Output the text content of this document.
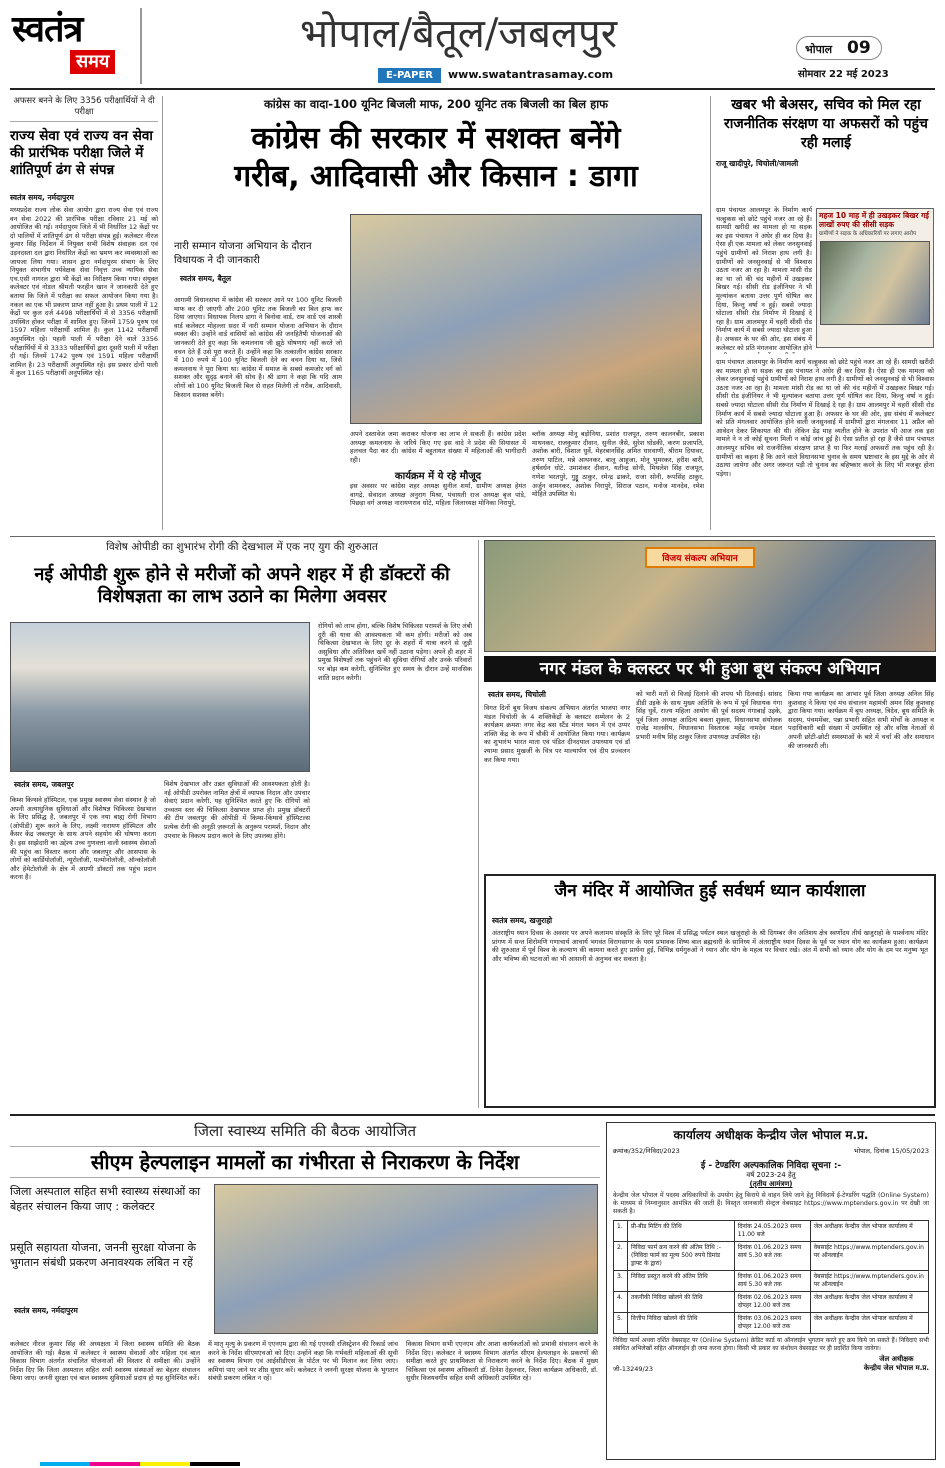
स्वतंत्र
समय
भोपाल/बैतूल/जबलपुर
E-PAPER	www.swatantrasamay.com
भोपाल 09
सोमवार 22 मई 2023
अफसर बनने के लिए 3356 परीक्षार्थियों ने दी परीक्षा
राज्य सेवा एवं राज्य वन सेवा की प्रारंभिक परीक्षा जिले में शांतिपूर्ण ढंग से संपन्न
स्वतंत्र समय, नर्मदापुरम
मध्यप्रदेश राज्य लोक सेवा आयोग द्वारा राज्य सेवा एवं राज्य वन सेवा 2022 की प्रारंभिक परीक्षा रविवार 21 मई को आयोजित की गई। नर्मदापुरम जिले में भी निर्धारित 12 केंद्रों पर दो पालियों में शांतिपूर्ण ढंग से परीक्षा संपन्न हुई। कलेक्टर नीरज कुमार सिंह निर्देशन में नियुक्त सभी विशेष संवाहक दल एवं उड़नदस्ता दल द्वारा निर्धारित केंद्रों का भ्रमण कर व्यवस्थाओं का जायजा लिया गया। शासन द्वारा नर्मदापुरम संभाग के लिए नियुक्त संभागीय पर्यवेक्षक सेवा निवृत्त उच्च न्यायिक सेवा एच.एसी नागरल द्वारा भी केंद्रों का निरीक्षण किया गया। संयुक्त कलेक्टर एवं नोडल श्रीमती फरहीन खान ने जानकारी देते हुए बताया कि जिले में परीक्षा का सफल आयोजन किया गया है। नकल का एक भी प्रकरण प्राप्त नहीं हुआ है। प्रथम पाली में 12 केंद्रों पर कुल दर्ज 4498 परीक्षार्थियों में से 3356 परीक्षार्थी उपस्थित होकर परीक्षा में शामिल हुए। जिनमें 1759 पुरुष एवं 1597 महिला परीक्षार्थी शामिल है। कुल 1142 परीक्षार्थी अनुपस्थित रहे। पहली पाली में परीक्षा देने वाले 3356 परीक्षार्थियों में से 3333 परीक्षार्थियों द्वारा दूसरी पाली में परीक्षा दी गई। जिनमें 1742 पुरुष एवं 1591 महिला परीक्षार्थी शामिल है। 23 परीक्षार्थी अनुपस्थित रहे। इस प्रकार दोनों पाली में कुल 1165 परीक्षार्थी अनुपस्थित रहे।
कांग्रेस का वादा-100 यूनिट बिजली माफ, 200 यूनिट तक बिजली का बिल हाफ
कांग्रेस की सरकार में सशक्त बनेंगे
गरीब, आदिवासी और किसान : डागा
नारी सम्मान योजना अभियान के दौरान विधायक ने दी जानकारी
स्वतंत्र समय, बैतूल
आगामी विधानसभा में कांग्रेस की सरकार आने पर 100 यूनिट बिजली माफ कर दी जाएगी और 200 यूनिट तक बिजली का बिल हाफ कर दिया जाएगा। विधायक निलय डागा ने बिनोवा वार्ड, राम वार्ड एवं शास्त्री वार्ड कलेक्टर मोहल्ला सदर में नारी सम्मान योजना अभियान के दौरान व्यक्त की। उन्होंने वार्ड वासियों को कांग्रेस की जनहितैषी योजनाओं की जानकारी देते हुए कहा कि कमलनाथ जी झूठे घोषणाएं नहीं करते जो वचन देते हैं उसे पूरा करते हैं। उन्होंने कहा कि तत्कालीन कांग्रेस सरकार में 100 रुपये में 100 यूनिट बिजली देने का वचन दिया था, जिसे कमलनाथ ने पूरा किया था। कांग्रेस में समाज के सबसे कमजोर वर्ग को सशक्त और सुदृढ़ बनाने की सोच है। श्री डागा ने कहा कि यदि आम लोगों को 100 यूनिट बिजली बिल से राहत मिलेगी तो गरीब, आदिवासी, किसान सशक्त बनेंगे।
अपने दस्तावेज जमा कराकर योजना का लाभ ले सकती हैं। कांग्रेस प्रदेश अध्यक्ष कमलनाथ के जरिये किए गए इस वादे ने प्रदेश की सियासत में हलचल पैदा कर दी। कांग्रेस में बहुतायत संख्या में महिलाओं की भागीदारी रही।
कार्यक्रम में ये रहे मौजूद
इस अवसर पर कांग्रेस शहर अध्यक्ष सुनील शर्मा, ग्रामीण अध्यक्ष हेमंत वागद्रे, सेवादल अध्यक्ष अनुराग मिश्रा, पंचायती राज अध्यक्ष बृज पांडे, पिछड़ा वर्ग अध्यक्ष नारायणराव धोटे, महिला जिलाध्यक्ष मोनिका निरापुरे,
ब्लॉक अध्यक्ष मोनू बड़ोनिया, प्रशांत राजपूत, तरुण कालनबीर, प्रकाश माथनकर, राजकुमार दीवान, सुनील जैसे, सुरेश घोडकी, करण प्रजापति, अशोक बारी, विशाल धुर्वे, मेहरबानसिंह अमित धारवाणी, श्रीराम दियावर, तरुण पाटिल, मन्ने आथनकर, बालू आहूजा, मोनू भुमरकर, हरीश बारी, हर्षवर्धन धोटे, उमाशंकर दीवान, यतीन्द्र सोनी, मिथलेश सिंह राजपूत, गणेश भरतपुरे, गुड्डू ठाकुर, रमेन्द्र ढाकरे, राजा सोनी, रूपसिंह ठाकुर, अर्जुन वामनकर, अशोक निरापुरे, सिराज पठान, मनोज मानदेव, रमेश मोहिते उपस्थित थे।
खबर भी बेअसर, सचिव को मिल रहा राजनीतिक संरक्षण या अफसरों को पहुंच रही मलाई
राजू खादीपुरे, चिचोली/जामली
ग्राम पंचायत आलमपुर के निर्माण कार्य चल्हुकस को छोटे पहुंचे नजर आ रहे हैं। सामग्री खरीदी का मामला हो या सड़क का इस पंचायत ने अंधेर ही कर दिया है। ऐसा ही एक मामला को लेकर जनसुनवाई पहुंचे ग्रामीणों को निराश हाथ लगी है। ग्रामीणों को जनसुनवाई से भी विश्वास उठता नजर आ रहा है। मामला मांसी रोड का था जो की चंद महीनों में उखड़कर बिखर गई। सीसी रोड इंजीनियर ने भी मूल्यांकन बताया उत्तर पूर्ण घोषित कर दिया, किन्तु वर्षा न हुई। सबसे ज्यादा घोटाला सीसी रोड निर्माण में दिखाई दे रहा है। ग्राम आलमपुर में चहरी सीसी रोड निर्माण कार्य में सबसे ज्यादा घोटाला हुआ है। अफसर के घर की ओर, इस संबंध में कलेक्टर को प्रति मंगलवार आयोजित होने
महज 10 माह में ही उखड़कर बिखर गई लाखों रुपए की सीसी सड़क
ग्रामीणों ने सड़क के अधिकारियों पर लगाए आरोप
ग्राम पंचायत आलमपुर के निर्माण कार्य चल्हुकस को छोटे पहुंचे नजर आ रहे हैं। सामग्री खरीदी का मामला हो या सड़क का इस पंचायत ने अंधेर ही कर दिया है। ऐसा ही एक मामला को लेकर जनसुनवाई पहुंचे ग्रामीणों को निराश हाथ लगी है। ग्रामीणों को जनसुनवाई से भी विश्वास उठता नजर आ रहा है। मामला मांसी रोड का था जो की चंद महीनों में उखड़कर बिखर गई। सीसी रोड इंजीनियर ने भी मूल्यांकन बताया उत्तर पूर्ण घोषित कर दिया, किन्तु वर्षा न हुई। सबसे ज्यादा घोटाला सीसी रोड निर्माण में दिखाई दे रहा है। ग्राम आलमपुर में चहरी सीसी रोड निर्माण कार्य में सबसे ज्यादा घोटाला हुआ है। अफसर के घर की ओर, इस संबंध में कलेक्टर को प्रति मंगलवार आयोजित होने वाली जनसुनवाई में ग्रामीणों द्वारा मंगलवार 11 अप्रैल को आवेदन देकर शिकायत की थी। लेकिन डेढ़ माह व्यतीत होने के उपरांत भी आज तक इस मामले ने न तो कोई सूचना मिली न कोई जांच हुई है। ऐसा प्रतीत हो रहा है जैसे ग्राम पंचायत आलमपुर सचिव को राजनीतिक संरक्षण प्राप्त है या फिर मलाई अफसरों तक पहुंच रही है। ग्रामीणों का कहना है कि आने वाले विधानसभा चुनाव के समय भ्रष्टाचार के इस मुद्दे के ओर से उठाया जायेगा और अगर जरूरत पड़ी तो चुनाव का बहिष्कार करने के लिए भी मजबूर होना पड़ेगा।
विशेष ओपीडी का शुभारंभ रोगी की देखभाल में एक नए युग की शुरुआत
नई ओपीडी शुरू होने से मरीजों को अपने शहर में ही डॉक्टरों की विशेषज्ञता का लाभ उठाने का मिलेगा अवसर
रोगियों को लाभ होगा, बल्कि विशेष चिकित्सा परामर्श के लिए लंबी दूरी की यात्रा की आवश्यकता भी कम होगी। मरीजों को अब चिकित्सा देखभाल के लिए दूर के शहरों में यात्रा करने से जुड़ी असुविधा और अतिरिक्त खर्चे नहीं उठाना पड़ेगा। अपने ही शहर में प्रमुख विशेषज्ञों तक पहुंचने की सुविधा रोगियों और उनके परिवारों पर बोझ कम करेगी, सुनिश्चित हुए समय के दौरान उन्हें मानसिक शांति प्रदान करेगी।
स्वतंत्र समय, जबलपुर
किम्स किंग्सवे हॉस्पिटल, एक प्रमुख स्वास्थ्य सेवा संस्थान है जो अपनी अत्याधुनिक सुविधाओं और विशेषज्ञ चिकित्सा देखभाल के लिए प्रसिद्ध है, जबलपुर में एक नया बाह्य रोगी विभाग (ओपीडी) शुरू करने के लिए, लक्ष्मी नारायण हॉस्पिटल और कैंसर केंद्र जबलपुर के साथ अपने सहयोग की घोषणा करता है। इस साझेदारी का उद्देश्य उच्च गुणवत्ता वाली स्वास्थ्य सेवाओं की पहुंच का विस्तार करना और जबलपुर और आसपास के लोगों को कार्डियोलॉजी, न्यूरोलॉजी, पल्मोनोलॉजी, ऑन्कोलॉजी और हेमेटोलॉजी के क्षेत्र में अग्रणी डॉक्टरों तक पहुंच प्रदान करना है।
विशेष देखभाल और उन्नत सुविधाओं की आवश्यकता होती है। नई ओपीडी उपरोक्त नामित क्षेत्रों में व्यापक निदान और उपचार सेवाएं प्रदान करेगी, यह सुनिश्चित करते हुए कि रोगियों को उच्चतम स्तर की चिकित्सा देखभाल प्राप्त हो। प्रमुख डॉक्टरों की टीम जबलपुर की ओपीडी में किम्स-किंग्सवे हॉस्पिटल्स प्रत्येक रोगी की अनूठी ज़रूरतों के अनुरूप परामर्श, निदान और उपचार के विकल्प प्रदान करने के लिए उपलब्ध होंगे।
विजय संकल्प अभियान
नगर मंडल के क्लस्टर पर भी हुआ बूथ संकल्प अभियान
स्वतंत्र समय, चिचोली
विगत दिनों बूथ विजय संकल्प अभियान अंतर्गत भाजपा नगर मंडल चिचोली के 4 शक्तिकेंद्रों के क्लस्टर सम्मेलन के 2 कार्यक्रम क्रमशः नगर केंद्र बस स्टैंड मंगल भवन में एवं उप्पर शक्ति केंद्र के रूप में चौकी में आयोजित किया गया। कार्यक्रम का शुभारंभ भारत माता एवं पंडित दीनदयाल उपाध्याय एवं डॉ श्यामा प्रसाद मुखर्जी के चित्र पर माल्यार्पण एवं दीप प्रज्वलन कर किया गया।
को भारी मतों से विजई दिलाने की शपथ भी दिलवाई। सांसद डीडी उइके के साथ मुख्य अतिथि के रूप में पूर्व विधायक गंगा सिंह धुर्वे, राज्य महिला आयोग की पूर्व सदस्य गंगाबाई उइके, पूर्व जिला अध्यक्ष आदित्य बबला शुक्ला, विधानसभा संयोजक राजेंद्र मालवीय, विधानसभा विस्तारक महेंद्र नामदेव मंडल प्रभारी मनीष सिंह ठाकुर जिला उपाध्यक्ष उपस्थित रहे।
किया गया कार्यक्रम का आभार पूर्व जिला अध्यक्ष अनिल सिंह कुशवाह ने किया एवं मंच संचालन महामंत्री अमन सिंह कुशवाह द्वारा किया गया। कार्यक्रम में बूथ अध्यक्ष, त्रिदेव, बूथ समिति के सदस्य, पंचममेंबर, पन्ना प्रभारी सहित सभी मोर्चों के अध्यक्ष व पदाधिकारी बड़ी संख्या में उपस्थित रहे और वरिष्ठ नेताओं से अपनी छोटी-छोटी समस्याओं के बारे में चर्चा की और समाधान की जानकारी ली।
जैन मंदिर में आयोजित हुई सर्वधर्म ध्यान कार्यशाला
स्वतंत्र समय, खजुराहो
अंतराष्ट्रीय ध्यान दिवस के अवसर पर अपने कलामय संस्कृति के लिए पूरे विश्व में प्रसिद्ध पर्यटन स्थल खजुराहो के श्री दिगम्बर जैन अतिशय क्षेत्र स्वर्णोदय तीर्थ खजुराहो के पार्श्वनाथ मंदिर प्रांगण में सन्त शिरोमणि गणाचार्य आचार्य भगवंत विरागसागर के परम प्रभावक शिष्य बाल ब्रह्मचारी के सानिध्य में अंतराष्ट्रीय ध्यान दिवस के पूर्व पर ध्यान योग का कार्यक्रम हुआ। कार्यक्रम की शुरुआत में पूर्व विश्व के कल्याण की कामना करते हुए प्रार्थना हुई, विभिन्न धर्मगुरुओं ने ध्यान और योग के महत्व पर विचार रखे। अंत में सभी को ध्यान और योग के दम पर मनुष्य भूत और भविष्य की घटनाओं का भी आसानी से अनुभव कर सकता है।
जिला स्वास्थ्य समिति की बैठक आयोजित
सीएम हेल्पलाइन मामलों का गंभीरता से निराकरण के निर्देश
जिला अस्पताल सहित सभी स्वास्थ्य संस्थाओं का बेहतर संचालन किया जाए : कलेक्टर
प्रसूति सहायता योजना, जननी सुरक्षा योजना के भुगतान संबंधी प्रकरण अनावश्यक लंबित न रहें
स्वतंत्र समय, नर्मदापुरम
कलेक्टर नीरज कुमार सिंह की अध्यक्षता में जिला स्वास्थ्य समिति की बैठक आयोजित की गई। बैठक में कलेक्टर ने स्वास्थ्य सेवाओं और महिला एवं बाल विकास विभाग अंतर्गत संचालित योजनाओं की विस्तार से समीक्षा की। उन्होंने निर्देश दिए कि जिला अस्पताल सहित सभी स्वास्थ्य संस्थाओं का बेहतर संचालन किया जाए। जननी सुरक्षा एवं बाल स्वास्थ्य सुविधाओं प्रदाय हो यह सुनिश्चित करें।
में मातृ मृत्यु के प्रकरण में एएनएम द्वारा की गई एएनसी रजिस्ट्रेशन की रिकार्ड जांच करने के निर्देश सीएमएचओ को दिए। उन्होंने कहा कि गर्भवती महिलाओं की सूची का स्वास्थ्य विभाग एवं आईसीडीएस के पोर्टल पर भी मिलान कर लिया जाए। कमियां पाए जाने पर शीघ्र सुधार करें। कलेक्टर ने जननी सुरक्षा योजना के भुगतान संबंधी प्रकरण लंबित न रहें।
विकास विभाग सभी एएनएम और आशा कार्यकर्ताओं को प्रभावी संचालन करने के निर्देश दिए। कलेक्टर ने स्वास्थ्य विभाग अंतर्गत सीएम हेल्पलाइन के प्रकरणों की समीक्षा करते हुए प्राथमिकता से निराकरण करने के निर्देश दिए। बैठक में मुख्य चिकित्सा एवं स्वास्थ्य अधिकारी डॉ. दिनेश देहलवार, जिला कार्यक्रम अधिकारी, डॉ. सुधीर विजयवर्गीय सहित सभी अधिकारी उपस्थित रहे।
कार्यालय अधीक्षक केन्द्रीय जेल भोपाल म.प्र.
क्रमांक/352/निविदा/2023	भोपाल, दिनांक 15/05/2023
ई - टेण्डरिंग अल्पकालिक निविदा सूचना :-
वर्ष 2023-24 हेतु
(तृतीय आमंत्रण)
केन्द्रीय जेल भोपाल में पदस्थ अधिकारियों के उपयोग हेतु किराये से वाहन लिये जाने हेतु निविदायें ई-टेण्डरिंग पद्धति (Online System) के माध्यम से निम्नानुसार आमंत्रित की जाती हैं। विस्तृत जानकारी सेन्ट्रल वेबसाइट https://www.mptenders.gov.in पर देखी जा सकती है।
1.	प्री-बीड मिटिंग की तिथि	दिनांक 24.05.2023 समय 11.00 बजे	जेल अधीक्षक केन्द्रीय जेल भोपाल कार्यालय में
2.	निविदा फार्म क्रय करने की अंतिम तिथि :- (निविदा फार्म का मूल्य 500 रुपये डिमांड ड्राफ्ट के द्वारा)	दिनांक 01.06.2023 समय सायं 5.30 बजे तक	वेबसाईट https://www.mptenders.gov.in पर ऑनलाईन
3.	निविदा प्रस्तुत करने की अंतिम तिथि	दिनांक 01.06.2023 समय सायं 5.30 बजे तक	वेबसाईट https://www.mptenders.gov.in पर ऑनलाईन
4.	तकनीकी निविदा खोलने की तिथि	दिनांक 02.06.2023 समय दोपहर 12.00 बजे तक	जेल अधीक्षक केन्द्रीय जेल भोपाल कार्यालय में
5.	वित्तीय निविदा खोलने की तिथि	दिनांक 03.06.2023 समय दोपहर 12.00 बजे तक	जेल अधीक्षक केन्द्रीय जेल भोपाल कार्यालय में
निविदा फार्म अथवा दर्शित वेबसाइट पर (Online System) क्रेडिट कार्ड या ऑनलाईन भुगतान करते हुए क्रय किये जा सकते हैं। निविदाएं सभी संबंधित अभिलेखों सहित ऑनलाईन ही जमा करना होगा। किसी भी प्रकार का संशोधन वेबसाइट पर ही प्रदर्शित किया जावेगा।
जी-13249/23
जेल अधीक्षक
केन्द्रीय जेल भोपाल म.प्र.
